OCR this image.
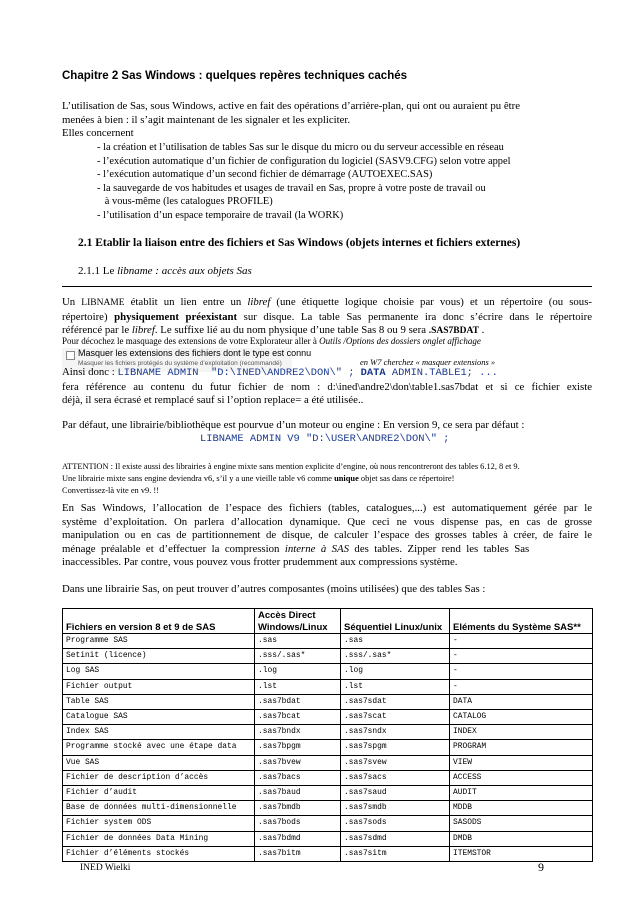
Chapitre 2 Sas Windows : quelques repères techniques cachés
L’utilisation de Sas, sous Windows, active en fait des opérations d’arrière-plan, qui ont ou auraient pu être
menées à bien : il s’agit maintenant de les signaler et les expliciter.
Elles concernent
- la création et l’utilisation de tables Sas sur le disque du micro ou du serveur accessible en réseau
- l’exécution automatique d’un fichier de configuration du logiciel (SASV9.CFG) selon votre appel
- l’exécution automatique d’un second fichier de démarrage (AUTOEXEC.SAS)
- la sauvegarde de vos habitudes et usages de travail en Sas, propre à votre poste de travail ou
à vous-même (les catalogues PROFILE)
- l’utilisation d’un espace temporaire de travail (la WORK)
2.1 Etablir la liaison entre des fichiers et Sas Windows (objets internes et fichiers externes)
2.1.1 Le libname : accès aux objets Sas
Un LIBNAME établit un lien entre un libref (une étiquette logique choisie par vous) et un répertoire (ou sous-
répertoire) physiquement préexistant sur disque. La table Sas permanente ira donc s’écrire dans le répertoire
référencé par le libref. Le suffixe lié au du nom physique d’une table Sas 8 ou 9 sera .SAS7BDAT .
Pour décochez le masquage des extensions de votre Explorateur aller à Outils /Options des dossiers onglet affichage
Masquer les extensions des fichiers dont le type est connu
Masquer les fichiers protégés du système d’exploitation (recommandé)	en W7 cherchez « masquer extensions »
Ainsi donc : LIBNAME ADMIN  "D:\INED\ANDRE2\DON\" ; DATA ADMIN.TABLE1; ...
fera référence au contenu du futur fichier de nom : d:\ined\andre2\don\table1.sas7bdat et si ce fichier existe
déjà, il sera écrasé et remplacé sauf si l’option replace= a été utilisée..
Par défaut, une librairie/bibliothèque est pourvue d’un moteur ou engine : En version 9, ce sera par défaut :
LIBNAME ADMIN V9 "D:\USER\ANDRE2\DON\" ;
ATTENTION : Il existe aussi des librairies à engine mixte sans mention explicite d’engine, où nous rencontreront des tables 6.12, 8 et 9.
Une librairie mixte sans engine deviendra v6, s’il y a une vieille table v6 comme unique objet sas dans ce répertoire!
Convertissez-là vite en v9. !!
En Sas Windows, l’allocation de l’espace des fichiers (tables, catalogues,...) est automatiquement gérée par le
système d’exploitation. On parlera d’allocation dynamique. Que ceci ne vous dispense pas, en cas de grosse
manipulation ou en cas de partitionnement de disque, de calculer l’espace des grosses tables à créer, de faire le
ménage  préalable  et  d’effectuer  la  compression  interne  à  SAS  des  tables.  Zipper  rend  les  tables  Sas
inaccessibles. Par contre, vous pouvez vous frotter prudemment aux compressions système.
Dans une librairie Sas, on peut trouver d’autres composantes (moins utilisées) que des tables Sas :
Fichiers en version 8 et 9 de SAS	Accès Direct Windows/Linux	Séquentiel Linux/unix	Eléments du Système SAS**
Programme SAS	.sas	.sas	-
Setinit (licence)	.sss/.sas*	.sss/.sas*	-
Log SAS	.log	.log	-
Fichier output	.lst	.lst	-
Table SAS	.sas7bdat	.sas7sdat	DATA
Catalogue SAS	.sas7bcat	.sas7scat	CATALOG
Index SAS	.sas7bndx	.sas7sndx	INDEX
Programme stocké avec une étape data	.sas7bpgm	.sas7spgm	PROGRAM
Vue SAS	.sas7bvew	.sas7svew	VIEW
Fichier de description d’accès	.sas7bacs	.sas7sacs	ACCESS
Fichier d’audit	.sas7baud	.sas7saud	AUDIT
Base de données multi-dimensionnelle	.sas7bmdb	.sas7smdb	MDDB
Fichier system ODS	.sas7bods	.sas7sods	SASODS
Fichier de données Data Mining	.sas7bdmd	.sas7sdmd	DMDB
Fichier d’éléments stockés	.sas7bitm	.sas7sitm	ITEMSTOR
INED Wielki	9
